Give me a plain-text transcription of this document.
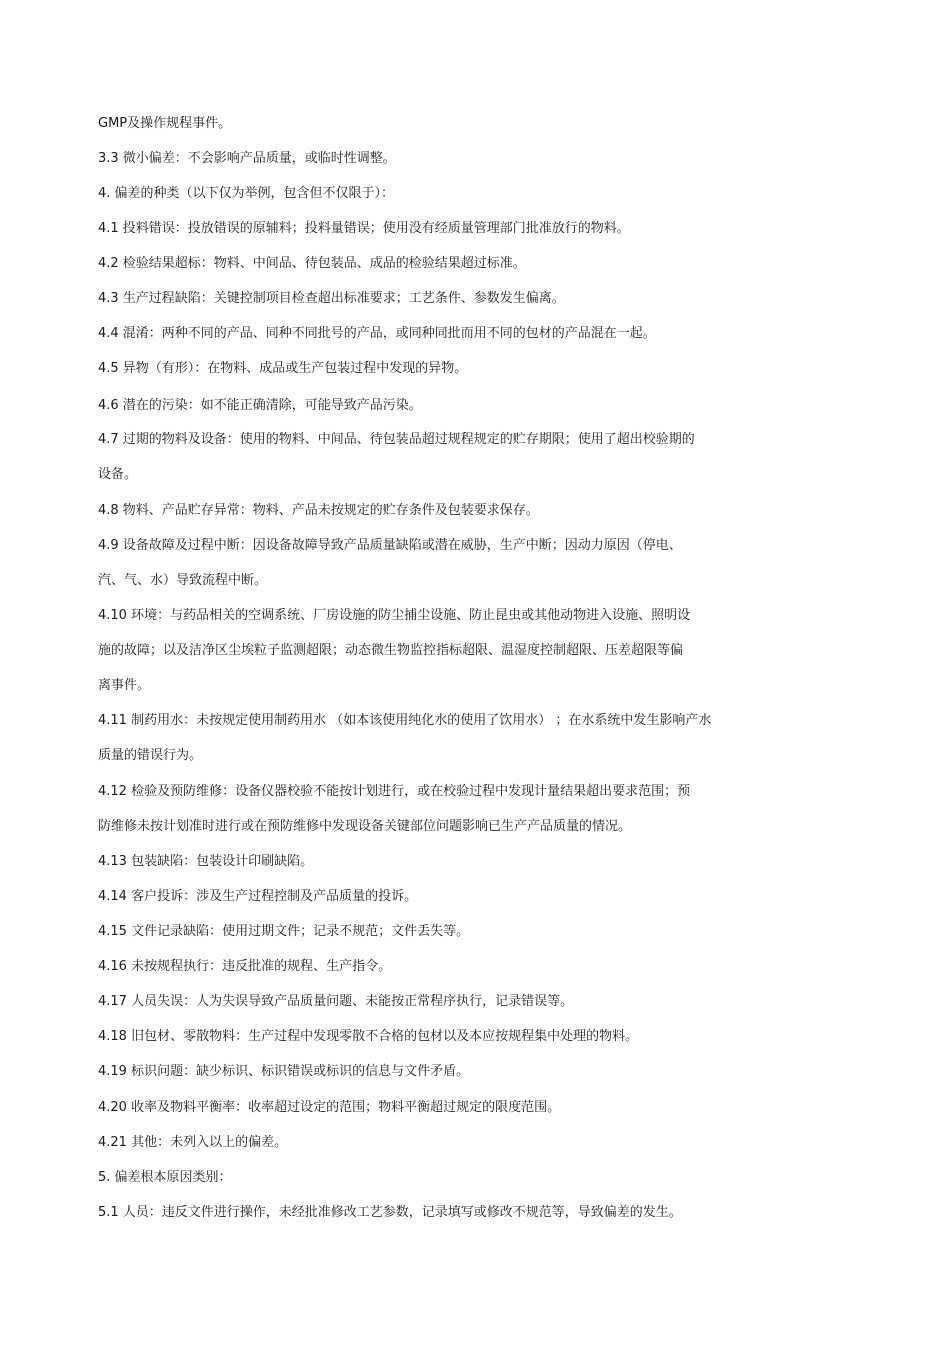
GMP及操作规程事件。
3.3 微小偏差：不会影响产品质量，或临时性调整。
4. 偏差的种类（以下仅为举例，包含但不仅限于）：
4.1 投料错误：投放错误的原辅料；投料量错误；使用没有经质量管理部门批准放行的物料。
4.2 检验结果超标：物料、中间品、待包装品、成品的检验结果超过标准。
4.3 生产过程缺陷：关键控制项目检查超出标准要求；工艺条件、参数发生偏离。
4.4 混淆：两种不同的产品、同种不同批号的产品，或同种同批而用不同的包材的产品混在一起。
4.5 异物（有形）：在物料、成品或生产包装过程中发现的异物。
4.6 潜在的污染：如不能正确清除，可能导致产品污染。
4.7 过期的物料及设备：使用的物料、中间品、待包装品超过规程规定的贮存期限；使用了超出校验期的
设备。
4.8 物料、产品贮存异常：物料、产品未按规定的贮存条件及包装要求保存。
4.9 设备故障及过程中断：因设备故障导致产品质量缺陷或潜在威胁，生产中断；因动力原因（停电、
汽、气、水）导致流程中断。
4.10 环境：与药品相关的空调系统、厂房设施的防尘捕尘设施、防止昆虫或其他动物进入设施、照明设
施的故障；以及洁净区尘埃粒子监测超限；动态微生物监控指标超限、温湿度控制超限、压差超限等偏
离事件。
4.11 制药用水：未按规定使用制药用水 （如本该使用纯化水的使用了饮用水） ；在水系统中发生影响产水
质量的错误行为。
4.12 检验及预防维修：设备仪器校验不能按计划进行，或在校验过程中发现计量结果超出要求范围；预
防维修未按计划准时进行或在预防维修中发现设备关键部位问题影响已生产产品质量的情况。
4.13 包装缺陷：包装设计印刷缺陷。
4.14 客户投诉：涉及生产过程控制及产品质量的投诉。
4.15 文件记录缺陷：使用过期文件；记录不规范；文件丢失等。
4.16 未按规程执行：违反批准的规程、生产指令。
4.17 人员失误：人为失误导致产品质量问题、未能按正常程序执行，记录错误等。
4.18 旧包材、零散物料：生产过程中发现零散不合格的包材以及本应按规程集中处理的物料。
4.19 标识问题：缺少标识、标识错误或标识的信息与文件矛盾。
4.20 收率及物料平衡率：收率超过设定的范围；物料平衡超过规定的限度范围。
4.21 其他：未列入以上的偏差。
5. 偏差根本原因类别：
5.1 人员：违反文件进行操作，未经批准修改工艺参数，记录填写或修改不规范等，导致偏差的发生。
